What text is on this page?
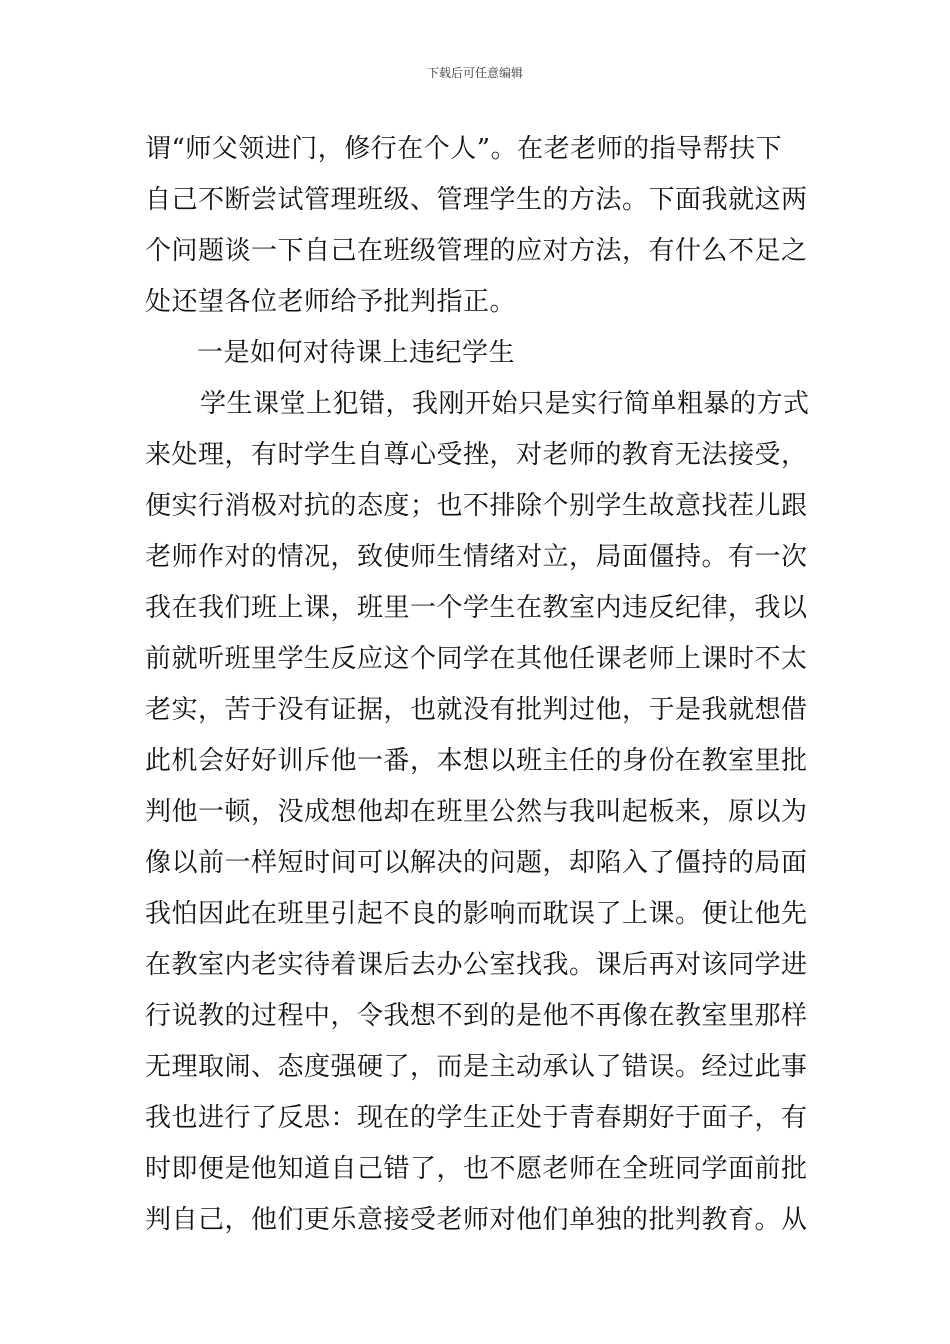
下载后可任意编辑
谓“师父领进门，修行在个人”。在老老师的指导帮扶下
自己不断尝试管理班级、管理学生的方法。下面我就这两
个问题谈一下自己在班级管理的应对方法，有什么不足之
处还望各位老师给予批判指正。
一是如何对待课上违纪学生
学生课堂上犯错，我刚开始只是实行简单粗暴的方式
来处理，有时学生自尊心受挫，对老师的教育无法接受，
便实行消极对抗的态度；也不排除个别学生故意找茬儿跟
老师作对的情况，致使师生情绪对立，局面僵持。有一次
我在我们班上课，班里一个学生在教室内违反纪律，我以
前就听班里学生反应这个同学在其他任课老师上课时不太
老实，苦于没有证据，也就没有批判过他，于是我就想借
此机会好好训斥他一番，本想以班主任的身份在教室里批
判他一顿，没成想他却在班里公然与我叫起板来，原以为
像以前一样短时间可以解决的问题，却陷入了僵持的局面
我怕因此在班里引起不良的影响而耽误了上课。便让他先
在教室内老实待着课后去办公室找我。课后再对该同学进
行说教的过程中，令我想不到的是他不再像在教室里那样
无理取闹、态度强硬了，而是主动承认了错误。经过此事
我也进行了反思：现在的学生正处于青春期好于面子，有
时即便是他知道自己错了，也不愿老师在全班同学面前批
判自己，他们更乐意接受老师对他们单独的批判教育。从
